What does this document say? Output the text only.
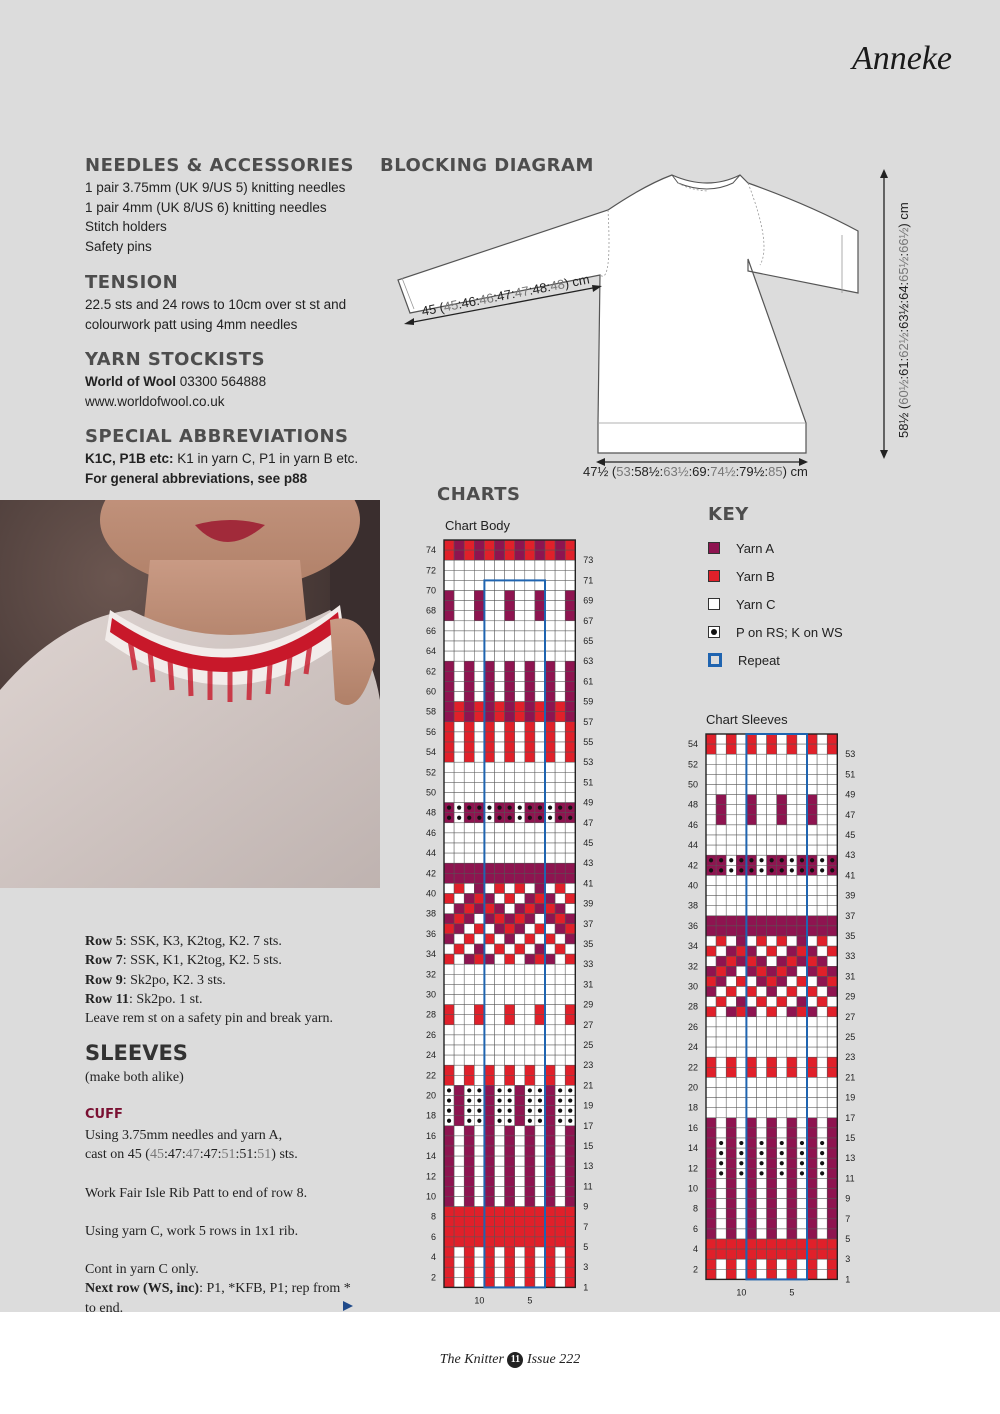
Anneke
NEEDLES & ACCESSORIES
1 pair 3.75mm (UK 9/US 5) knitting needles
1 pair 4mm (UK 8/US 6) knitting needles
Stitch holders
Safety pins
TENSION
22.5 sts and 24 rows to 10cm over st st and
colourwork patt using 4mm needles
YARN STOCKISTS
World of Wool 03300 564888
www.worldofwool.co.uk
SPECIAL ABBREVIATIONS
K1C, P1B etc: K1 in yarn C, P1 in yarn B etc.
For general abbreviations, see p88
BLOCKING DIAGRAM
45 (45:46:46:47:47:48:48) cm
47½ (53:58½:63½:69:74½:79½:85) cm
58½ (60½:61:62½:63½:64:65½:66½) cm
Row 5: SSK, K3, K2tog, K2. 7 sts.
Row 7: SSK, K1, K2tog, K2. 5 sts.
Row 9: Sk2po, K2. 3 sts.
Row 11: Sk2po. 1 st.
Leave rem st on a safety pin and break yarn.
SLEEVES
(make both alike)
CUFF
Using 3.75mm needles and yarn A,
cast on 45 (45:47:47:47:51:51:51) sts.
Work Fair Isle Rib Patt to end of row 8.
Using yarn C, work 5 rows in 1x1 rib.
Cont in yarn C only.
Next row (WS, inc): P1, *KFB, P1; rep from *
to end.
CHARTS
Chart Body
Chart Sleeves
74
72
70
68
66
64
62
60
58
56
54
52
50
48
46
44
42
40
38
36
34
32
30
28
26
24
22
20
18
16
14
12
10
8
6
4
2
73
71
69
67
65
63
61
59
57
55
53
51
49
47
45
43
41
39
37
35
33
31
29
27
25
23
21
19
17
15
13
11
9
7
5
3
1
10	5
54
52
50
48
46
44
42
40
38
36
34
32
30
28
26
24
22
20
18
16
14
12
10
8
6
4
2
53
51
49
47
45
43
41
39
37
35
33
31
29
27
25
23
21
19
17
15
13
11
9
7
5
3
1
10	5
KEY
Yarn A
Yarn B
Yarn C
P on RS; K on WS
Repeat
The Knitter 11 Issue 222
